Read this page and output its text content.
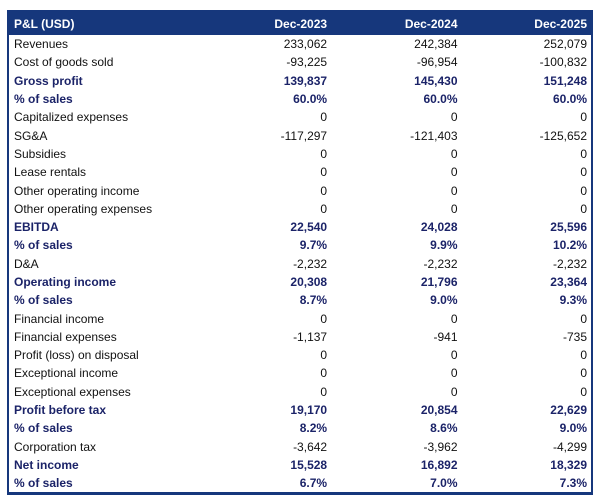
P&L (USD)	Dec-2023	Dec-2024	Dec-2025
Revenues	233,062	242,384	252,079
Cost of goods sold	-93,225	-96,954	-100,832
Gross profit	139,837	145,430	151,248
% of sales	60.0%	60.0%	60.0%
Capitalized expenses	0	0	0
SG&A	-117,297	-121,403	-125,652
Subsidies	0	0	0
Lease rentals	0	0	0
Other operating income	0	0	0
Other operating expenses	0	0	0
EBITDA	22,540	24,028	25,596
% of sales	9.7%	9.9%	10.2%
D&A	-2,232	-2,232	-2,232
Operating income	20,308	21,796	23,364
% of sales	8.7%	9.0%	9.3%
Financial income	0	0	0
Financial expenses	-1,137	-941	-735
Profit (loss) on disposal	0	0	0
Exceptional income	0	0	0
Exceptional expenses	0	0	0
Profit before tax	19,170	20,854	22,629
% of sales	8.2%	8.6%	9.0%
Corporation tax	-3,642	-3,962	-4,299
Net income	15,528	16,892	18,329
% of sales	6.7%	7.0%	7.3%
